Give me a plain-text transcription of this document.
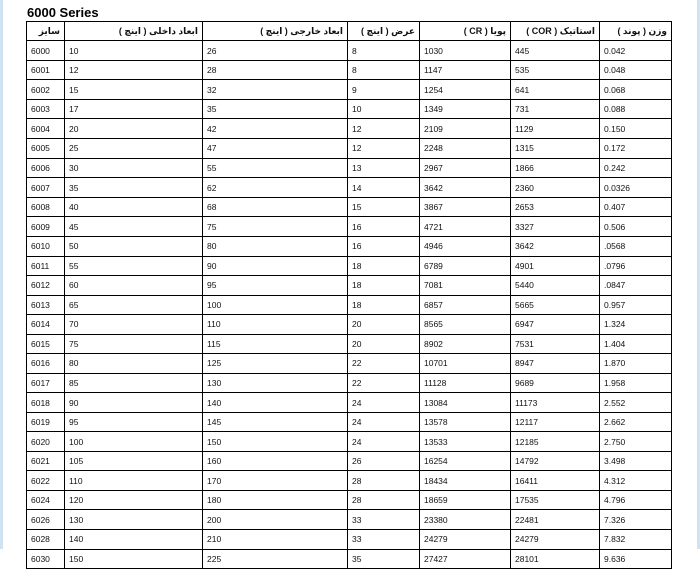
6000 Series
سایز	ابعاد داخلی ( اینچ )	ابعاد خارجی ( اینچ )	عرض ( اینچ )	پویا ( CR )	استاتیک ( COR )	وزن ( پوند )
6000	10	26	8	1030	445	0.042
6001	12	28	8	1147	535	0.048
6002	15	32	9	1254	641	0.068
6003	17	35	10	1349	731	0.088
6004	20	42	12	2109	1129	0.150
6005	25	47	12	2248	1315	0.172
6006	30	55	13	2967	1866	0.242
6007	35	62	14	3642	2360	0.0326
6008	40	68	15	3867	2653	0.407
6009	45	75	16	4721	3327	0.506
6010	50	80	16	4946	3642	.0568
6011	55	90	18	6789	4901	.0796
6012	60	95	18	7081	5440	.0847
6013	65	100	18	6857	5665	0.957
6014	70	110	20	8565	6947	1.324
6015	75	115	20	8902	7531	1.404
6016	80	125	22	10701	8947	1.870
6017	85	130	22	11128	9689	1.958
6018	90	140	24	13084	11173	2.552
6019	95	145	24	13578	12117	2.662
6020	100	150	24	13533	12185	2.750
6021	105	160	26	16254	14792	3.498
6022	110	170	28	18434	16411	4.312
6024	120	180	28	18659	17535	4.796
6026	130	200	33	23380	22481	7.326
6028	140	210	33	24279	24279	7.832
6030	150	225	35	27427	28101	9.636
